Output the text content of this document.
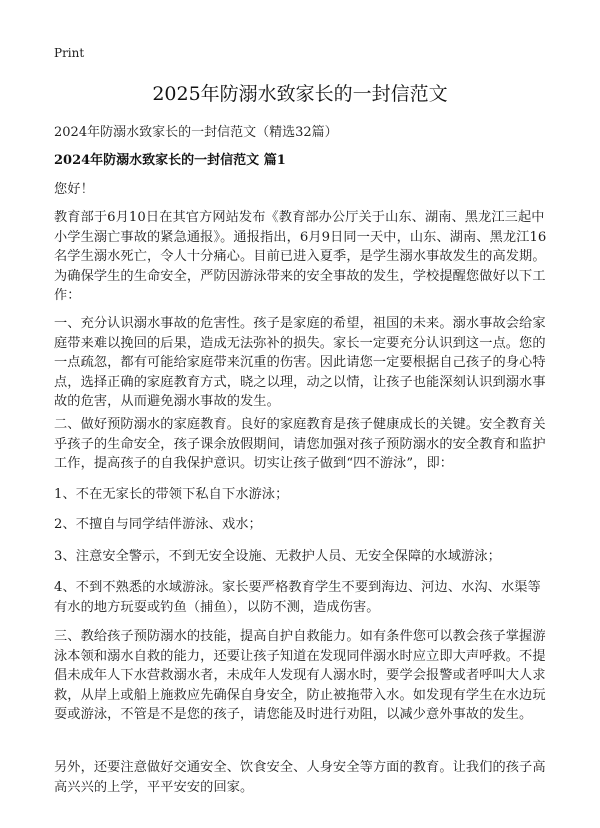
Print
2025年防溺水致家长的一封信范文
2024年防溺水致家长的一封信范文（精选32篇）
2024年防溺水致家长的一封信范文 篇1

您好！

教育部于6月10日在其官方网站发布《教育部办公厅关于山东、湖南、黑龙江三起中小学生溺亡事故的紧急通报》。通报指出，6月9日同一天中，山东、湖南、黑龙江16名学生溺水死亡，令人十分痛心。目前已进入夏季，是学生溺水事故发生的高发期。为确保学生的生命安全，严防因游泳带来的安全事故的发生，学校提醒您做好以下工作：

一、充分认识溺水事故的危害性。孩子是家庭的希望，祖国的未来。溺水事故会给家庭带来难以挽回的后果，造成无法弥补的损失。家长一定要充分认识到这一点。您的一点疏忽，都有可能给家庭带来沉重的伤害。因此请您一定要根据自己孩子的身心特点，选择正确的家庭教育方式，晓之以理，动之以情，让孩子也能深刻认识到溺水事故的危害，从而避免溺水事故的发生。

二、做好预防溺水的家庭教育。良好的家庭教育是孩子健康成长的关键。安全教育关乎孩子的生命安全，孩子课余放假期间，请您加强对孩子预防溺水的安全教育和监护工作，提高孩子的自我保护意识。切实让孩子做到“四不游泳”，即：

1、不在无家长的带领下私自下水游泳；

2、不擅自与同学结伴游泳、戏水；

3、注意安全警示，不到无安全设施、无救护人员、无安全保障的水域游泳；

4、不到不熟悉的水域游泳。家长要严格教育学生不要到海边、河边、水沟、水渠等有水的地方玩耍或钓鱼（捕鱼），以防不测，造成伤害。

三、教给孩子预防溺水的技能，提高自护自救能力。如有条件您可以教会孩子掌握游泳本领和溺水自救的能力，还要让孩子知道在发现同伴溺水时应立即大声呼救。不提倡未成年人下水营救溺水者，未成年人发现有人溺水时，要学会报警或者呼叫大人求救，从岸上或船上施救应先确保自身安全，防止被拖带入水。如发现有学生在水边玩耍或游泳，不管是不是您的孩子，请您能及时进行劝阻，以减少意外事故的发生。

另外，还要注意做好交通安全、饮食安全、人身安全等方面的教育。让我们的孩子高高兴兴的上学，平平安安的回家。
